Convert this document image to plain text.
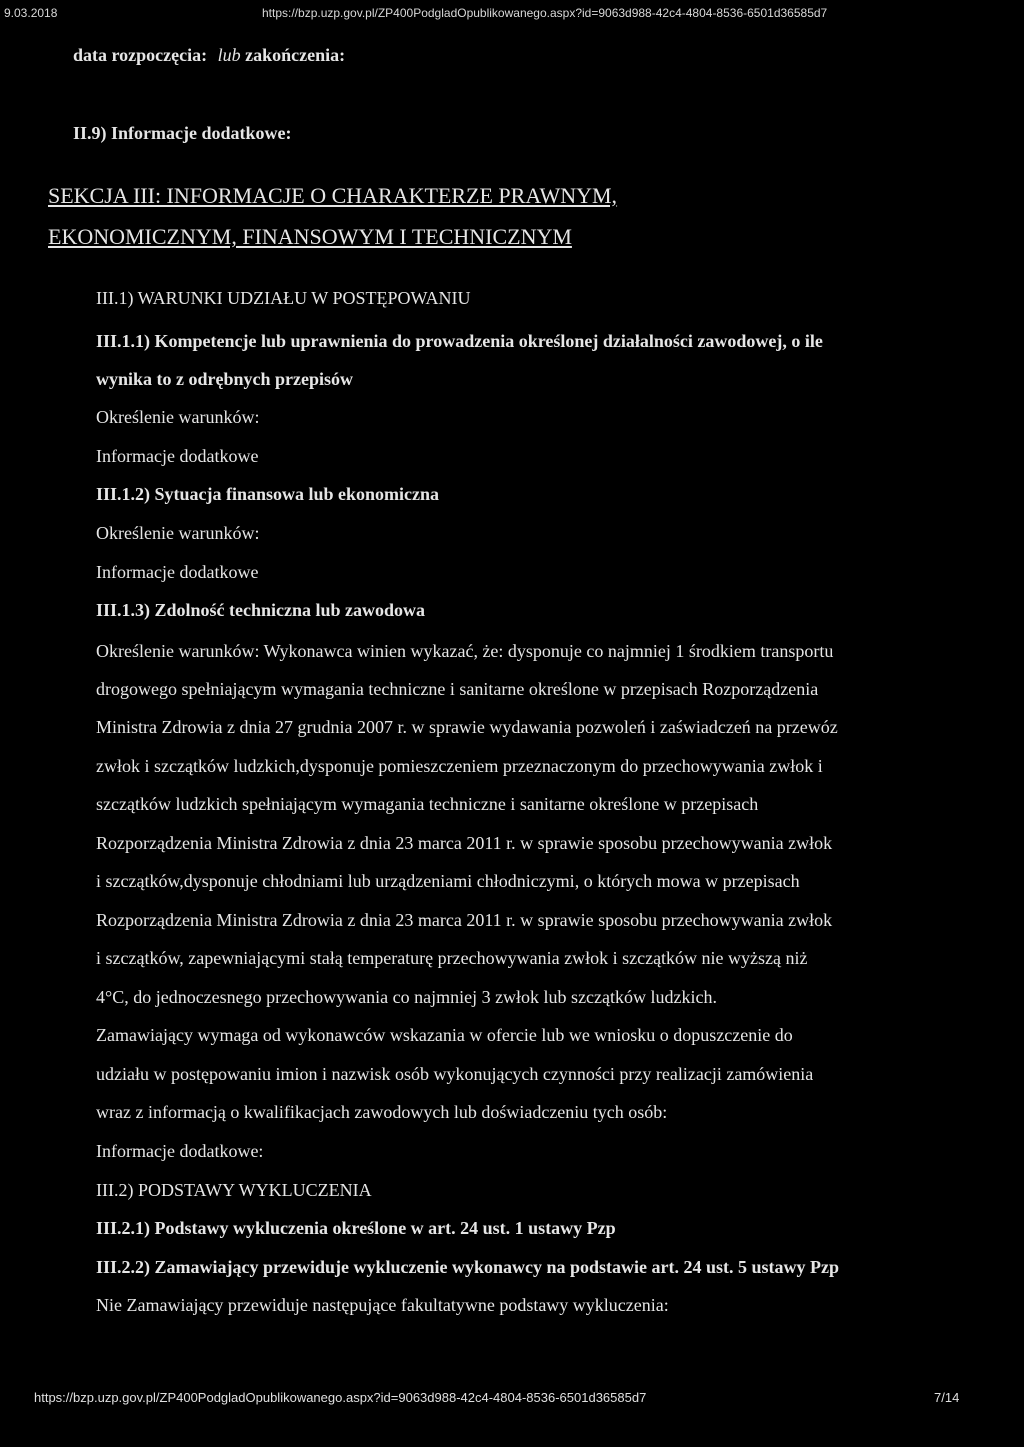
9.03.2018	https://bzp.uzp.gov.pl/ZP400PodgladOpublikowanego.aspx?id=9063d988-42c4-4804-8536-6501d36585d7
data rozpoczęcia: lub zakończenia:
II.9) Informacje dodatkowe:
SEKCJA III: INFORMACJE O CHARAKTERZE PRAWNYM,
EKONOMICZNYM, FINANSOWYM I TECHNICZNYM
III.1) WARUNKI UDZIAŁU W POSTĘPOWANIU
III.1.1) Kompetencje lub uprawnienia do prowadzenia określonej działalności zawodowej, o ile
wynika to z odrębnych przepisów
Określenie warunków:
Informacje dodatkowe
III.1.2) Sytuacja finansowa lub ekonomiczna
Określenie warunków:
Informacje dodatkowe
III.1.3) Zdolność techniczna lub zawodowa
Określenie warunków: Wykonawca winien wykazać, że: dysponuje co najmniej 1 środkiem transportu
drogowego spełniającym wymagania techniczne i sanitarne określone w przepisach Rozporządzenia
Ministra Zdrowia z dnia 27 grudnia 2007 r. w sprawie wydawania pozwoleń i zaświadczeń na przewóz
zwłok i szczątków ludzkich,dysponuje pomieszczeniem przeznaczonym do przechowywania zwłok i
szczątków ludzkich spełniającym wymagania techniczne i sanitarne określone w przepisach
Rozporządzenia Ministra Zdrowia z dnia 23 marca 2011 r. w sprawie sposobu przechowywania zwłok
i szczątków,dysponuje chłodniami lub urządzeniami chłodniczymi, o których mowa w przepisach
Rozporządzenia Ministra Zdrowia z dnia 23 marca 2011 r. w sprawie sposobu przechowywania zwłok
i szczątków, zapewniającymi stałą temperaturę przechowywania zwłok i szczątków nie wyższą niż
4°C, do jednoczesnego przechowywania co najmniej 3 zwłok lub szczątków ludzkich.
Zamawiający wymaga od wykonawców wskazania w ofercie lub we wniosku o dopuszczenie do
udziału w postępowaniu imion i nazwisk osób wykonujących czynności przy realizacji zamówienia
wraz z informacją o kwalifikacjach zawodowych lub doświadczeniu tych osób:
Informacje dodatkowe:
III.2) PODSTAWY WYKLUCZENIA
III.2.1) Podstawy wykluczenia określone w art. 24 ust. 1 ustawy Pzp
III.2.2) Zamawiający przewiduje wykluczenie wykonawcy na podstawie art. 24 ust. 5 ustawy Pzp
Nie Zamawiający przewiduje następujące fakultatywne podstawy wykluczenia:
https://bzp.uzp.gov.pl/ZP400PodgladOpublikowanego.aspx?id=9063d988-42c4-4804-8536-6501d36585d7	7/14
